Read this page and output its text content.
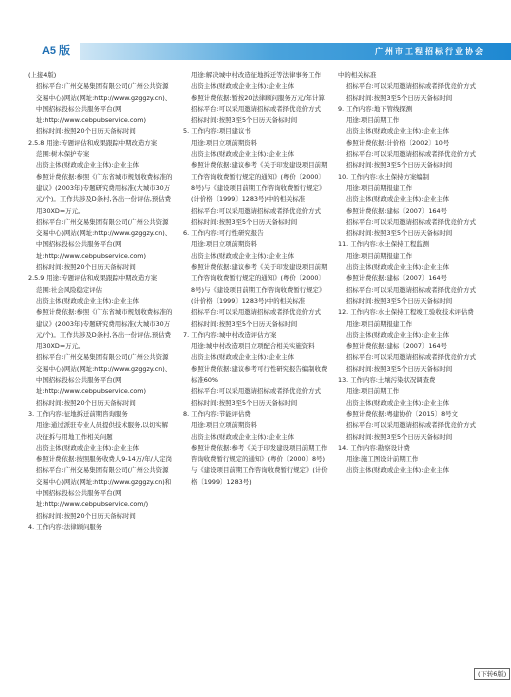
A5 版	广州市工程招标行业协会

(上接4版)

招标平台:广州交易集团有限公司(广州公共资源交易中心)网站(网址:http://www.gzggzy.cn)、中国招标投标公共服务平台(网址:http://www.cebpubservice.com)

招标时间:按照20个日历天备标时间

2.5.8 用途:专题评估和成果跟踪中期改造方案

范围:树木保护专案

出资主体(财政或企业主体):企业主体

参照计费依据:参照《广东省城市规划收费标准的建议》(2003年)专题研究费用标准(大城市30万元/个)。工作共涉及D条村,各出一份评估,预估费用30XD=万元。

招标平台:广州交易集团有限公司(广州公共资源交易中心)网站(网址:http://www.gzggzy.cn)、中国招标投标公共服务平台(网址:http://www.cebpubservice.com)

招标时间:按照20个日历天备标时间

2.5.9 用途:专题评估和成果跟踪中期改造方案

范围:社会风险稳定评估

出资主体(财政或企业主体):企业主体

参照计费依据:参照《广东省城市规划收费标准的建议》(2003年)专题研究费用标准(大城市30万元/个)。工作共涉及D条村,各出一份评估,预估费用30XD=万元。

招标平台:广州交易集团有限公司(广州公共资源交易中心)网站(网址:http://www.gzggzy.cn)、中国招标投标公共服务平台(网址:http://www.cebpubservice.com)

招标时间:按照20个日历天备标时间

3. 工作内容:征地拆迁前期咨询服务

用途:通过派驻专业人员提供技术服务,以切实解决征拆与用地工作相关问题

出资主体(财政或企业主体):企业主体

参照计费依据:按照服务收费人9-14万/年/人定岗

招标平台:广州交易集团有限公司(广州公共资源交易中心)网站(网址:http://www.gzggzy.cn)和中国招标投标公共服务平台(网址:http://www.cebpubservice.com/)

招标时间:按照20个日历天备标时间

4. 工作内容:法律顾问服务

用途:解决城中村改造征地拆迁等法律事务工作

出资主体(财政或企业主体):企业主体

参照计费依据:暂按20法律顾问服务万元/年计算

招标平台:可以采用邀请招标或者择优竞价方式

招标时间:按照3至5个日历天备标时间

5. 工作内容:项目建议书

用途:项目立项前期资料

出资主体(财政或企业主体):企业主体

参照计费依据:建议参考《关于印发建设项目前期工作咨询收费暂行规定的通知》(粤价〔2000〕8号)与《建设项目前期工作咨询收费暂行规定》(计价格〔1999〕1283号)中的相关标准

招标平台:可以采用邀请招标或者择优竞价方式

招标时间:按照3至5个日历天备标时间

6. 工作内容:可行性研究报告

用途:项目立项前期资料

出资主体(财政或企业主体):企业主体

参照计费依据:建议参考《关于印发建设项目前期工作咨询收费暂行规定的通知》(粤价〔2000〕8号)与《建设项目前期工作咨询收费暂行规定》(计价格〔1999〕1283号)中的相关标准

招标平台:可以采用邀请招标或者择优竞价方式

招标时间:按照3至5个日历天备标时间

7. 工作内容:城中村改造评估方案

用途:城中村改造项目立项配合相关实施资料

出资主体(财政或企业主体):企业主体

参照计费依据:建议参考可行性研究报告编制收费标准60%

招标平台:可以采用邀请招标或者择优竞价方式

招标时间:按照3至5个日历天备标时间

8. 工作内容:节能评估费

用途:项目立项前期资料

出资主体(财政或企业主体):企业主体

参照计费依据:参考《关于印发建设项目前期工作咨询收费暂行规定的通知》(粤价〔2000〕8号)与《建设项目前期工作咨询收费暂行规定》(计价格〔1999〕1283号)

中的相关标准

招标平台:可以采用邀请招标或者择优竞价方式

招标时间:按照3至5个日历天备标时间

9. 工作内容:地下管线探测

用途:项目前期工作

出资主体(财政或企业主体):企业主体

参照计费依据:计价格〔2002〕10号

招标平台:可以采用邀请招标或者择优竞价方式

招标时间:按照3至5个日历天备标时间

10. 工作内容:水土保持方案编制

用途:项目前期报建工作

出资主体(财政或企业主体):企业主体

参照计费依据:建标〔2007〕164号

招标平台:可以采用邀请招标或者择优竞价方式

招标时间:按照3至5个日历天备标时间

11. 工作内容:水土保持工程监测

用途:项目前期报建工作

出资主体(财政或企业主体):企业主体

参照计费依据:建标〔2007〕164号

招标平台:可以采用邀请招标或者择优竞价方式

招标时间:按照3至5个日历天备标时间

12. 工作内容:水土保持工程竣工验收技术评估费

用途:项目前期报建工作

出资主体(财政或企业主体):企业主体

参照计费依据:建标〔2007〕164号

招标平台:可以采用邀请招标或者择优竞价方式

招标时间:按照3至5个日历天备标时间

13. 工作内容:土壤污染状况调查费

用途:项目前期工作

出资主体(财政或企业主体):企业主体

参照计费依据:粤建协价〔2015〕8号文

招标平台:可以采用邀请招标或者择优竞价方式

招标时间:按照3至5个日历天备标时间

14. 工作内容:勘察设计费

用途:施工图设计前期工作

出资主体(财政或企业主体):企业主体

(下转6版)
